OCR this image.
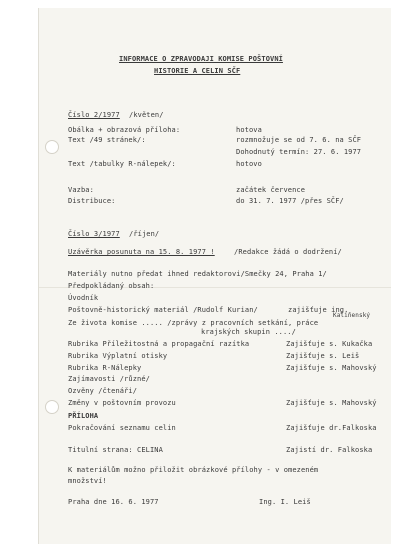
INFORMACE O ZPRAVODAJI KOMISE POŠTOVNÍ
HISTORIE A CELIN SČF
Číslo 2/1977 /květen/
Obálka + obrazová příloha:	hotova
Text /49 stránek/:	rozmnožuje se od 7. 6. na SČF
Dohodnutý termín: 27. 6. 1977
Text /tabulky R-nálepek/:	hotovo
Vazba:	začátek července
Distribuce:	do 31. 7. 1977 /přes SČF/
Číslo 3/1977 /říjen/
Uzávěrka posunuta na 15. 8. 1977 !	/Redakce žádá o dodržení/
Materiály nutno předat ihned redaktorovi/Smečky 24, Praha 1/
Předpokládaný obsah:
Úvodník
Poštovně-historický materiál /Rudolf Kurian/	zajišťuje ing.
Kaliňenský
Ze života komise ..... /zprávy z pracovních setkání, práce
krajských skupin ..../
Rubrika Příležitostná a propagační razítka	Zajišťuje s. Kukačka
Rubrika Výplatní otisky	Zajišťuje s. Leiš
Rubrika R-Nálepky	Zajišťuje s. Mahovský
Zajímavosti /různé/
Ozvěny /čtenáři/
Změny v poštovním provozu	Zajišťuje s. Mahovský
PŘÍLOHA
Pokračování seznamu celin	Zajišťuje dr.Falkoska
Titulní strana: CELINA	Zajistí dr. Falkoska
K materiálům možno přiložit obrázkové přílohy - v omezeném
množství!
Praha dne 16. 6. 1977	Ing. I. Leiš
